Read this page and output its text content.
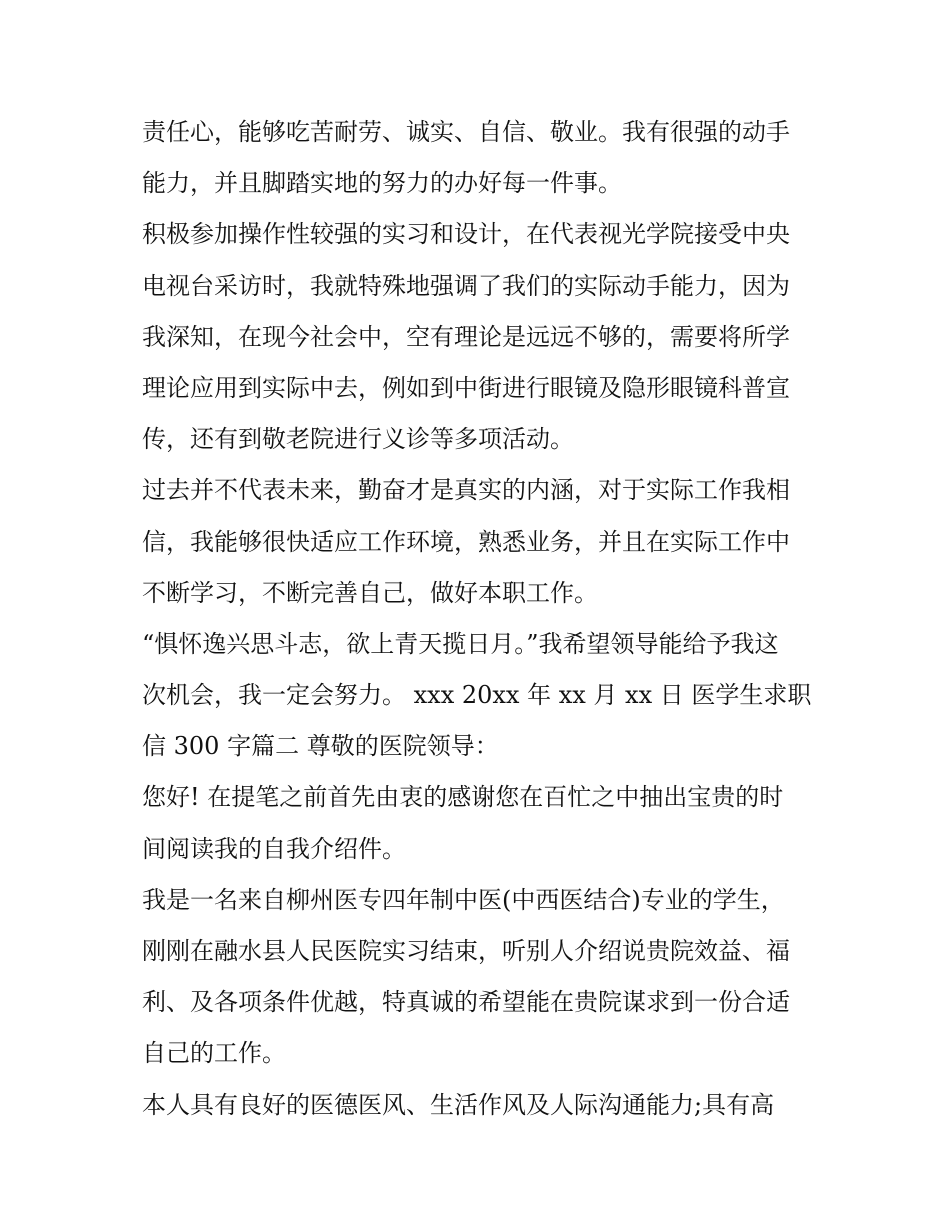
责任心，能够吃苦耐劳、诚实、自信、敬业。我有很强的动手
能力，并且脚踏实地的努力的办好每一件事。
积极参加操作性较强的实习和设计，在代表视光学院接受中央
电视台采访时，我就特殊地强调了我们的实际动手能力，因为
我深知，在现今社会中，空有理论是远远不够的，需要将所学
理论应用到实际中去，例如到中街进行眼镜及隐形眼镜科普宣
传，还有到敬老院进行义诊等多项活动。
过去并不代表未来，勤奋才是真实的内涵，对于实际工作我相
信，我能够很快适应工作环境，熟悉业务，并且在实际工作中
不断学习，不断完善自己，做好本职工作。
“惧怀逸兴思斗志，欲上青天揽日月。”我希望领导能给予我这
次机会，我一定会努力。 xxx 20xx 年 xx 月 xx 日 医学生求职
信 300 字篇二 尊敬的医院领导：
您好! 在提笔之前首先由衷的感谢您在百忙之中抽出宝贵的时
间阅读我的自我介绍件。
我是一名来自柳州医专四年制中医(中西医结合)专业的学生，
刚刚在融水县人民医院实习结束，听别人介绍说贵院效益、福
利、及各项条件优越，特真诚的希望能在贵院谋求到一份合适
自己的工作。
本人具有良好的医德医风、生活作风及人际沟通能力;具有高
